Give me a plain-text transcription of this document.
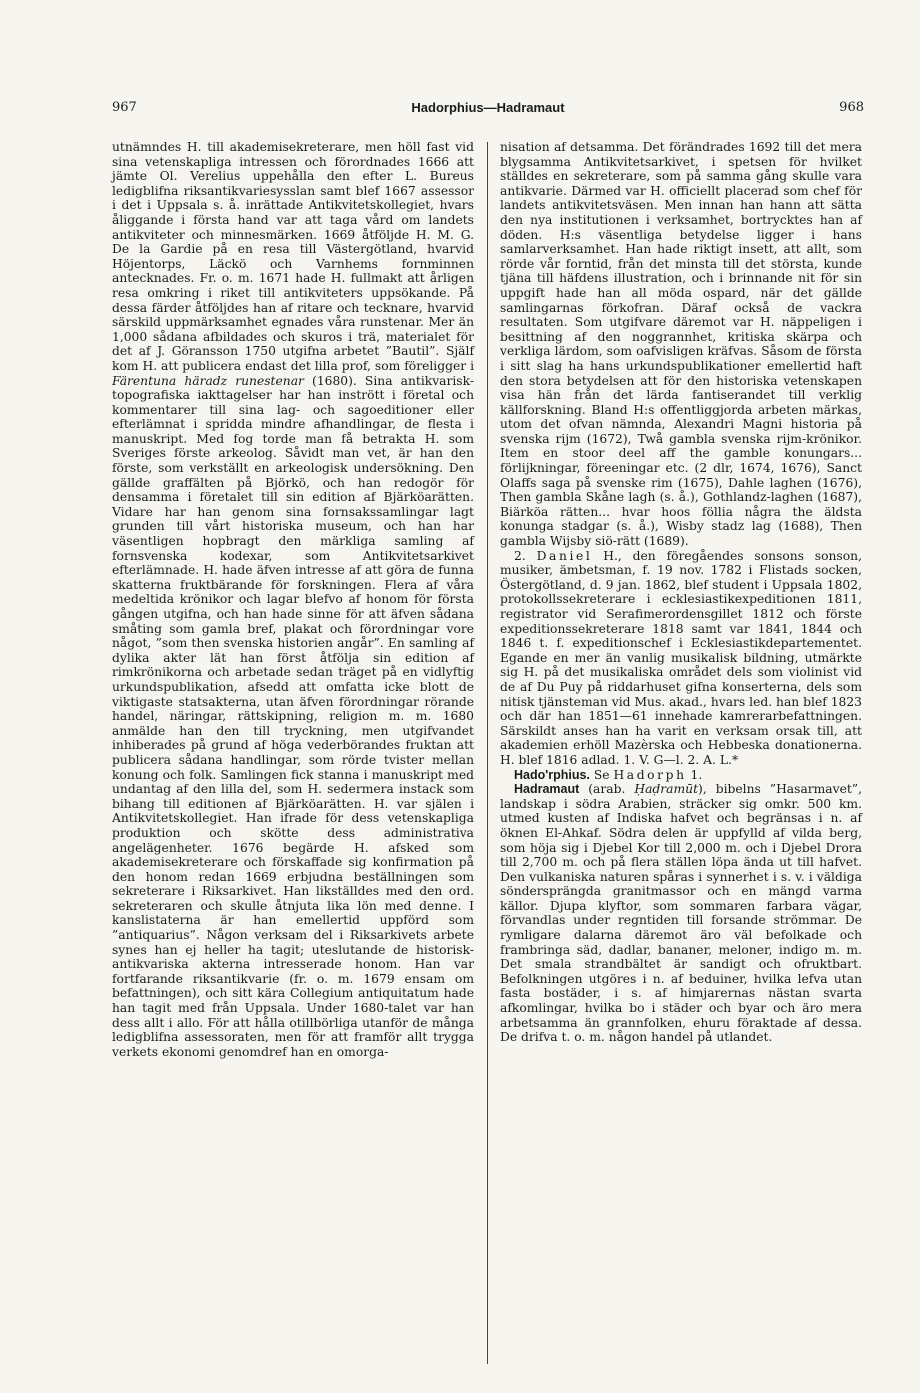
967	Hadorphius—Hadramaut	968

utnämndes H. till akademisekreterare, men höll fast vid sina vetenskapliga intressen och förordnades 1666 att jämte Ol. Verelius uppehålla den efter L. Bureus ledigblifna riksantikvariesysslan samt blef 1667 assessor i det i Uppsala s. å. inrättade Antikvitetskollegiet, hvars åliggande i första hand var att taga vård om landets antikviteter och minnesmärken. 1669 åtföljde H. M. G. De la Gardie på en resa till Västergötland, hvarvid Höjentorps, Läckö och Varnhems fornminnen antecknades. Fr. o. m. 1671 hade H. fullmakt att årligen resa omkring i riket till antikviteters uppsökande. På dessa färder åtföljdes han af ritare och tecknare, hvarvid särskild uppmärksamhet egnades våra runstenar. Mer än 1,000 sådana afbildades och skuros i trä, materialet för det af J. Göransson 1750 utgifna arbetet ”Bautil”. Själf kom H. att publicera endast det lilla prof, som föreligger i Färentuna häradz runestenar (1680). Sina antikvarisk-topografiska iakttagelser har han instrött i företal och kommentarer till sina lag- och sagoeditioner eller efterlämnat i spridda mindre afhandlingar, de flesta i manuskript. Med fog torde man få betrakta H. som Sveriges förste arkeolog. Såvidt man vet, är han den förste, som verkställt en arkeologisk undersökning. Den gällde graffälten på Björkö, och han redogör för densamma i företalet till sin edition af Bjärköarätten. Vidare har han genom sina fornsakssamlingar lagt grunden till vårt historiska museum, och han har väsentligen hopbragt den märkliga samling af fornsvenska kodexar, som Antikvitetsarkivet efterlämnade. H. hade äfven intresse af att göra de funna skatterna fruktbärande för forskningen. Flera af våra medeltida krönikor och lagar blefvo af honom för första gången utgifna, och han hade sinne för att äfven sådana småting som gamla bref, plakat och förordningar vore något, ”som then svenska historien angår”. En samling af dylika akter lät han först åtfölja sin edition af rimkrönikorna och arbetade sedan träget på en vidlyftig urkundspublikation, afsedd att omfatta icke blott de viktigaste statsakterna, utan äfven förordningar rörande handel, näringar, rättskipning, religion m. m. 1680 anmälde han den till tryckning, men utgifvandet inhiberades på grund af höga vederbörandes fruktan att publicera sådana handlingar, som rörde tvister mellan konung och folk. Samlingen fick stanna i manuskript med undantag af den lilla del, som H. sedermera instack som bihang till editionen af Bjärköarätten. H. var själen i Antikvitetskollegiet. Han ifrade för dess vetenskapliga produktion och skötte dess administrativa angelägenheter. 1676 begärde H. afsked som akademisekreterare och förskaffade sig konfirmation på den honom redan 1669 erbjudna beställningen som sekreterare i Riksarkivet. Han likställdes med den ord. sekreteraren och skulle åtnjuta lika lön med denne. I kanslistaterna är han emellertid uppförd som ”antiquarius”. Någon verksam del i Riksarkivets arbete synes han ej heller ha tagit; uteslutande de historisk-antikvariska akterna intresserade honom. Han var fortfarande riksantikvarie (fr. o. m. 1679 ensam om befattningen), och sitt kära Collegium antiquitatum hade han tagit med från Uppsala. Under 1680-talet var han dess allt i allo. För att hålla otillbörliga utanför de många ledigblifna assessoraten, men för att framför allt trygga verkets ekonomi genomdref han en omorga-

nisation af detsamma. Det förändrades 1692 till det mera blygsamma Antikvitetsarkivet, i spetsen för hvilket ställdes en sekreterare, som på samma gång skulle vara antikvarie. Därmed var H. officiellt placerad som chef för landets antikvitetsväsen. Men innan han hann att sätta den nya institutionen i verksamhet, bortrycktes han af döden. H:s väsentliga betydelse ligger i hans samlarverksamhet. Han hade riktigt insett, att allt, som rörde vår forntid, från det minsta till det största, kunde tjäna till häfdens illustration, och i brinnande nit för sin uppgift hade han all möda ospard, när det gällde samlingarnas förkofran. Däraf också de vackra resultaten. Som utgifvare däremot var H. näppeligen i besittning af den noggrannhet, kritiska skärpa och verkliga lärdom, som oafvisligen kräfvas. Såsom de första i sitt slag ha hans urkundspublikationer emellertid haft den stora betydelsen att för den historiska vetenskapen visa hän från det lärda fantiserandet till verklig källforskning. Bland H:s offentliggjorda arbeten märkas, utom det ofvan nämnda, Alexandri Magni historia på svenska rijm (1672), Twå gambla svenska rijm-krönikor. Item en stoor deel aff the gamble konungars... förlijkningar, föreeningar etc. (2 dlr, 1674, 1676), Sanct Olaffs saga på svenske rim (1675), Dahle laghen (1676), Then gambla Skåne lagh (s. å.), Gothlandz-laghen (1687), Biärköa rätten... hvar hoos föllia några the äldsta konunga stadgar (s. å.), Wisby stadz lag (1688), Then gambla Wijsby siö-rätt (1689).

2. Daniel H., den föregåendes sonsons sonson, musiker, ämbetsman, f. 19 nov. 1782 i Flistads socken, Östergötland, d. 9 jan. 1862, blef student i Uppsala 1802, protokollssekreterare i ecklesiastikexpeditionen 1811, registrator vid Serafimerordensgillet 1812 och förste expeditionssekreterare 1818 samt var 1841, 1844 och 1846 t. f. expeditionschef i Ecklesiastikdepartementet. Egande en mer än vanlig musikalisk bildning, utmärkte sig H. på det musikaliska området dels som violinist vid de af Du Puy på riddarhuset gifna konserterna, dels som nitisk tjänsteman vid Mus. akad., hvars led. han blef 1823 och där han 1851—61 innehade kamrerarbefattningen. Särskildt anses han ha varit en verksam orsak till, att akademien erhöll Mazèrska och Hebbeska donationerna. H. blef 1816 adlad. 1. V. G—l. 2. A. L.*

Hado'rphius. Se Hadorph 1.

Hadramaut (arab. Ḥaḍramūt), bibelns ”Hasarmavet”, landskap i södra Arabien, sträcker sig omkr. 500 km. utmed kusten af Indiska hafvet och begränsas i n. af öknen El-Ahkaf. Södra delen är uppfylld af vilda berg, som höja sig i Djebel Kor till 2,000 m. och i Djebel Drora till 2,700 m. och på flera ställen löpa ända ut till hafvet. Den vulkaniska naturen spåras i synnerhet i s. v. i väldiga söndersprängda granitmassor och en mängd varma källor. Djupa klyftor, som sommaren farbara vägar, förvandlas under regntiden till forsande strömmar. De rymligare dalarna däremot äro väl befolkade och frambringa säd, dadlar, bananer, meloner, indigo m. m. Det smala strandbältet är sandigt och ofruktbart. Befolkningen utgöres i n. af beduiner, hvilka lefva utan fasta bostäder, i s. af himjarernas nästan svarta afkomlingar, hvilka bo i städer och byar och äro mera arbetsamma än grannfolken, ehuru föraktade af dessa. De drifva t. o. m. någon handel på utlandet.
